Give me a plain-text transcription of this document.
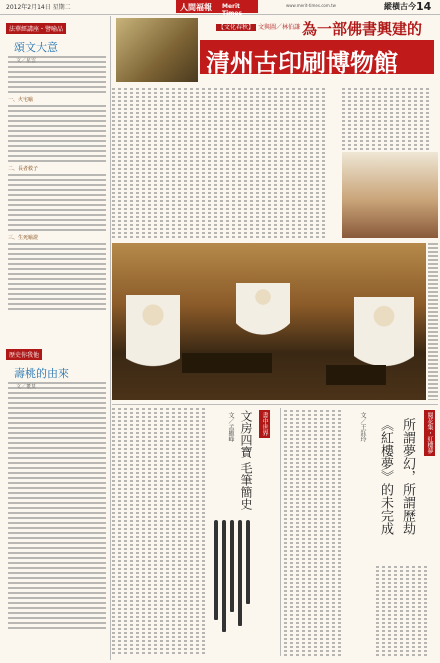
2012年2月14日 星期二	人間福報 Merit Times
www.merit-times.com.tw	縱橫古今 14
法華經講座・譬喻品
頌文大意
一、火宅喻
二、長者救子
三、生死喻證
歷史你我他
壽桃的由來
【文化春秋】 文與圖／林伯謙 為一部佛書興建的
清州古印刷博物館
書中世界
文房四寶 毛筆簡史
文／孟顯峰	文／王鈺玲 《紅樓夢》的未完成 所謂夢幻，所謂歷劫	閱花集・紅樓夢
